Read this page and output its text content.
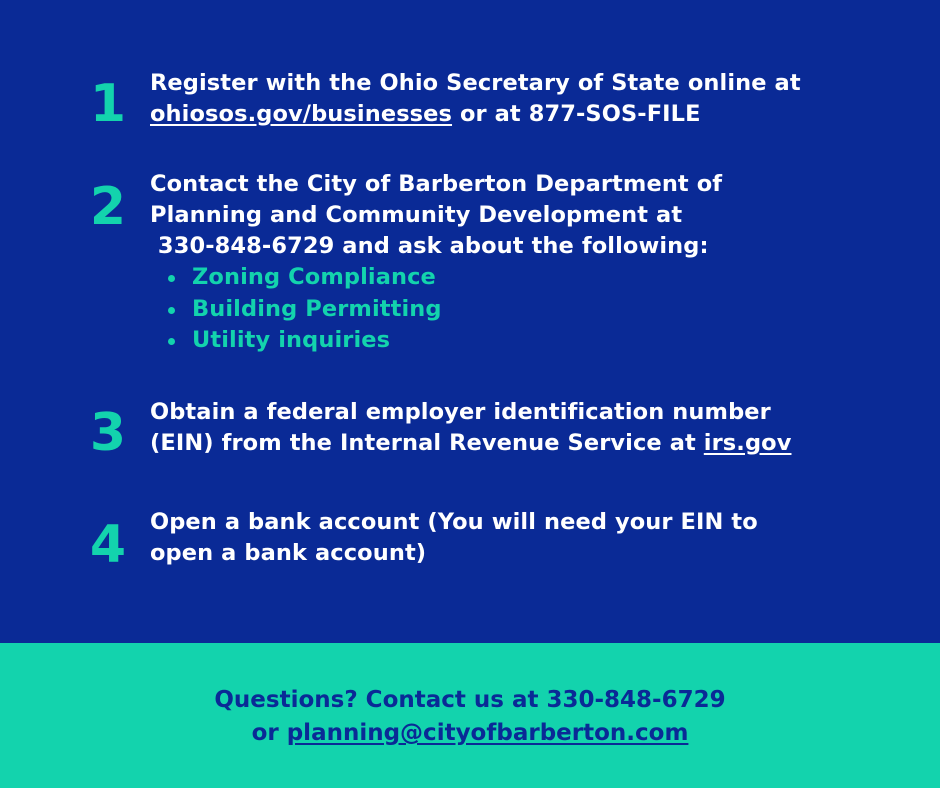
1 Register with the Ohio Secretary of State online at
ohiosos.gov/businesses or at 877-SOS-FILE
2 Contact the City of Barberton Department of
Planning and Community Development at
330-848-6729 and ask about the following:
Zoning Compliance
Building Permitting
Utility inquiries
3 Obtain a federal employer identification number
(EIN) from the Internal Revenue Service at irs.gov
4 Open a bank account (You will need your EIN to
open a bank account)
Questions? Contact us at 330-848-6729
or planning@cityofbarberton.com
